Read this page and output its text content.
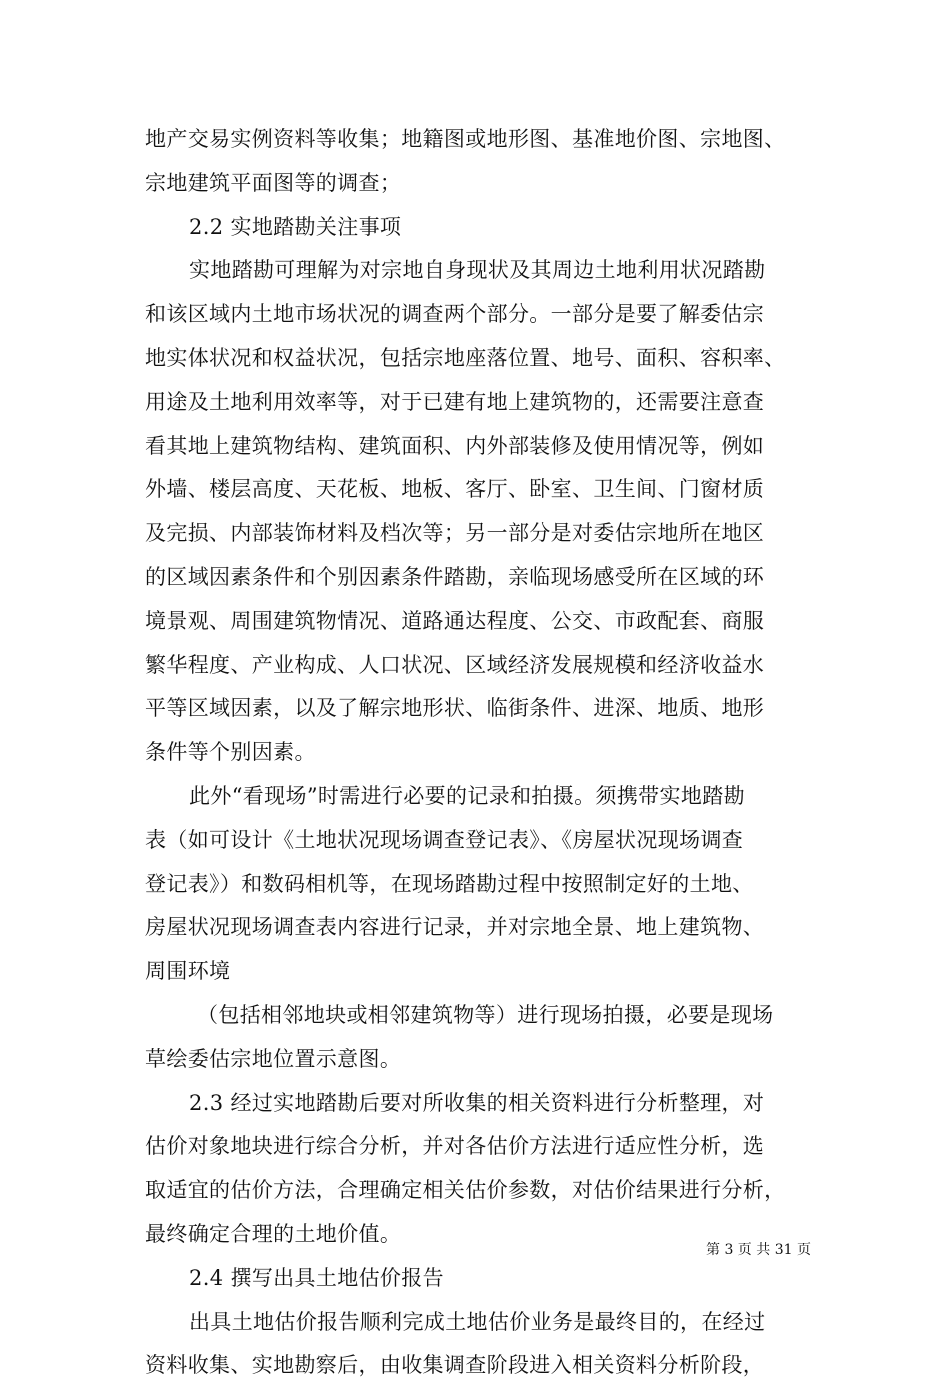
地产交易实例资料等收集；地籍图或地形图、基准地价图、宗地图、
宗地建筑平面图等的调查；
2.2 实地踏勘关注事项
实地踏勘可理解为对宗地自身现状及其周边土地利用状况踏勘
和该区域内土地市场状况的调查两个部分。一部分是要了解委估宗
地实体状况和权益状况，包括宗地座落位置、地号、面积、容积率、
用途及土地利用效率等，对于已建有地上建筑物的，还需要注意查
看其地上建筑物结构、建筑面积、内外部装修及使用情况等，例如
外墙、楼层高度、天花板、地板、客厅、卧室、卫生间、门窗材质
及完损、内部装饰材料及档次等；另一部分是对委估宗地所在地区
的区域因素条件和个别因素条件踏勘，亲临现场感受所在区域的环
境景观、周围建筑物情况、道路通达程度、公交、市政配套、商服
繁华程度、产业构成、人口状况、区域经济发展规模和经济收益水
平等区域因素，以及了解宗地形状、临街条件、进深、地质、地形
条件等个别因素。
此外“看现场”时需进行必要的记录和拍摄。须携带实地踏勘
表（如可设计《土地状况现场调查登记表》、《房屋状况现场调查
登记表》）和数码相机等，在现场踏勘过程中按照制定好的土地、
房屋状况现场调查表内容进行记录，并对宗地全景、地上建筑物、
周围环境
（包括相邻地块或相邻建筑物等）进行现场拍摄，必要是现场
草绘委估宗地位置示意图。
2.3 经过实地踏勘后要对所收集的相关资料进行分析整理，对
估价对象地块进行综合分析，并对各估价方法进行适应性分析，选
取适宜的估价方法，合理确定相关估价参数，对估价结果进行分析，
最终确定合理的土地价值。
2.4 撰写出具土地估价报告
出具土地估价报告顺利完成土地估价业务是最终目的，在经过
资料收集、实地勘察后，由收集调查阶段进入相关资料分析阶段，
第 3 页 共 31 页
